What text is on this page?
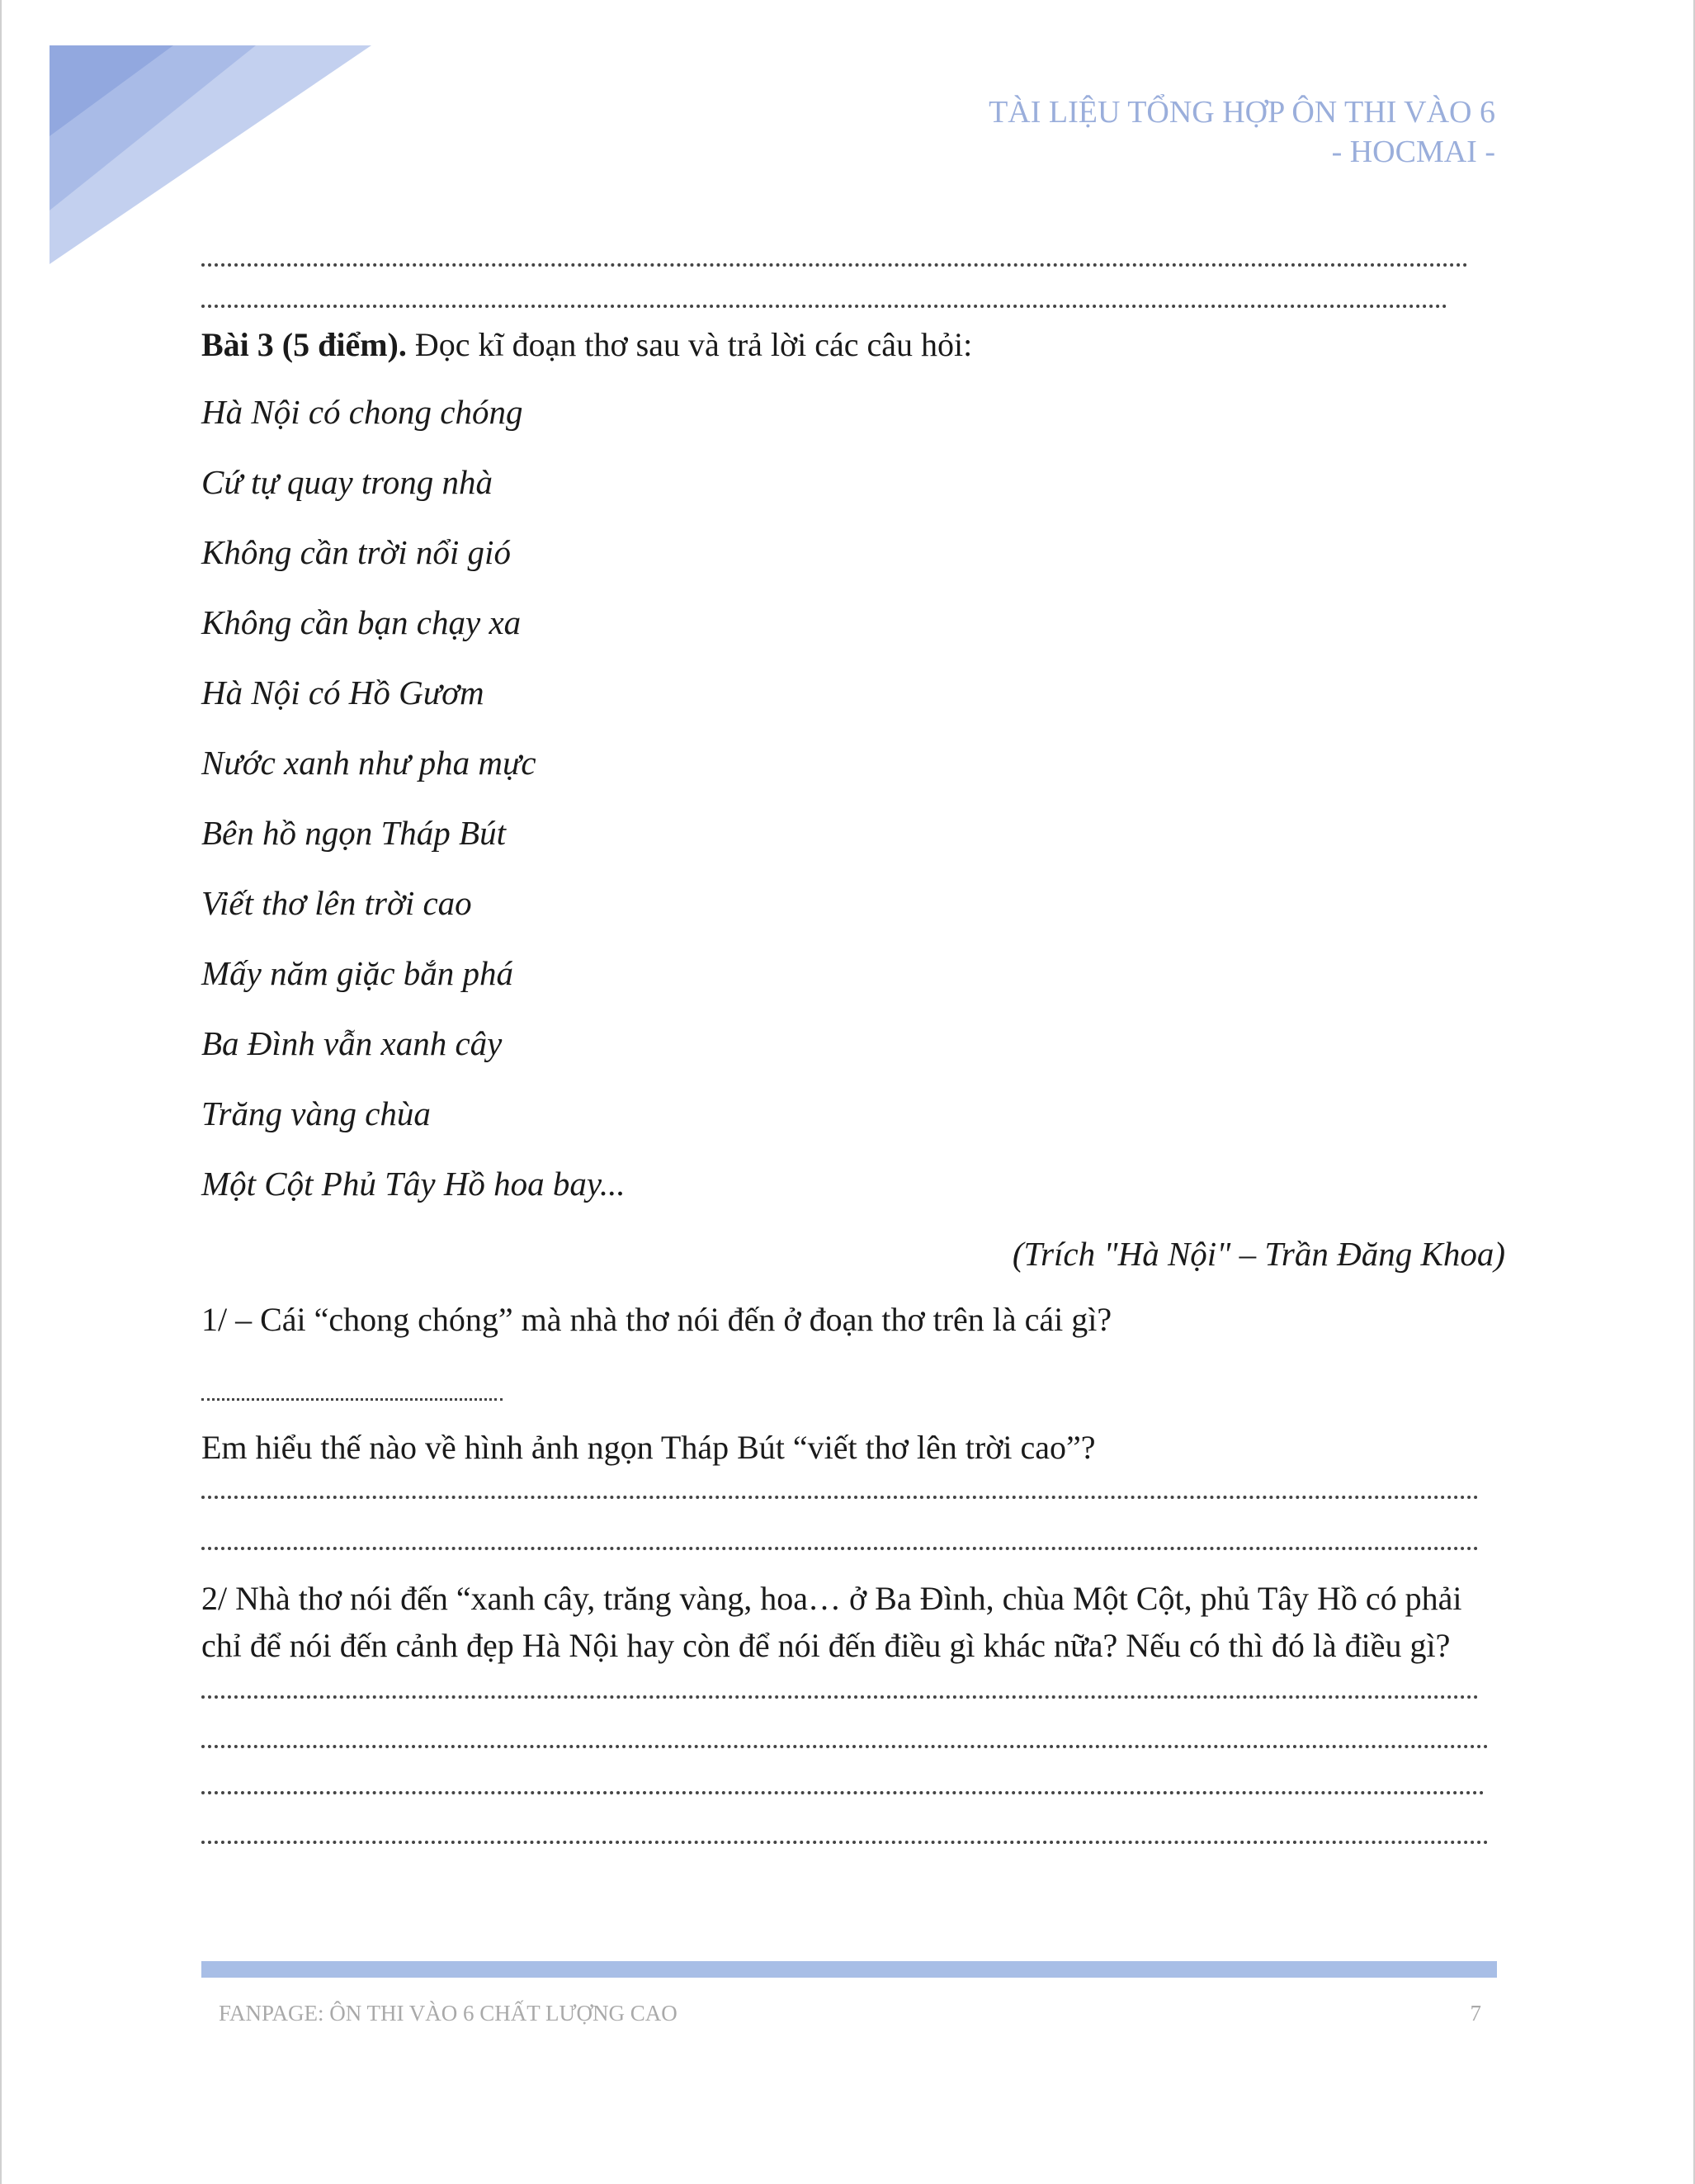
TÀI LIỆU TỔNG HỢP ÔN THI VÀO 6
- HOCMAI -
Bài 3 (5 điểm). Đọc kĩ đoạn thơ sau và trả lời các câu hỏi:
Hà Nội có chong chóng
Cứ tự quay trong nhà
Không cần trời nổi gió
Không cần bạn chạy xa
Hà Nội có Hồ Gươm
Nước xanh như pha mực
Bên hồ ngọn Tháp Bút
Viết thơ lên trời cao
Mấy năm giặc bắn phá
Ba Đình vẫn xanh cây
Trăng vàng chùa
Một Cột Phủ Tây Hồ hoa bay...
(Trích "Hà Nội" – Trần Đăng Khoa)
1/ – Cái “chong chóng” mà nhà thơ nói đến ở đoạn thơ trên là cái gì?
Em hiểu thế nào về hình ảnh ngọn Tháp Bút “viết thơ lên trời cao”?
2/ Nhà thơ nói đến “xanh cây, trăng vàng, hoa… ở Ba Đình, chùa Một Cột, phủ Tây Hồ có phải chỉ để nói đến cảnh đẹp Hà Nội hay còn để nói đến điều gì khác nữa? Nếu có thì đó là điều gì?
FANPAGE: ÔN THI VÀO 6 CHẤT LƯỢNG CAO	7
